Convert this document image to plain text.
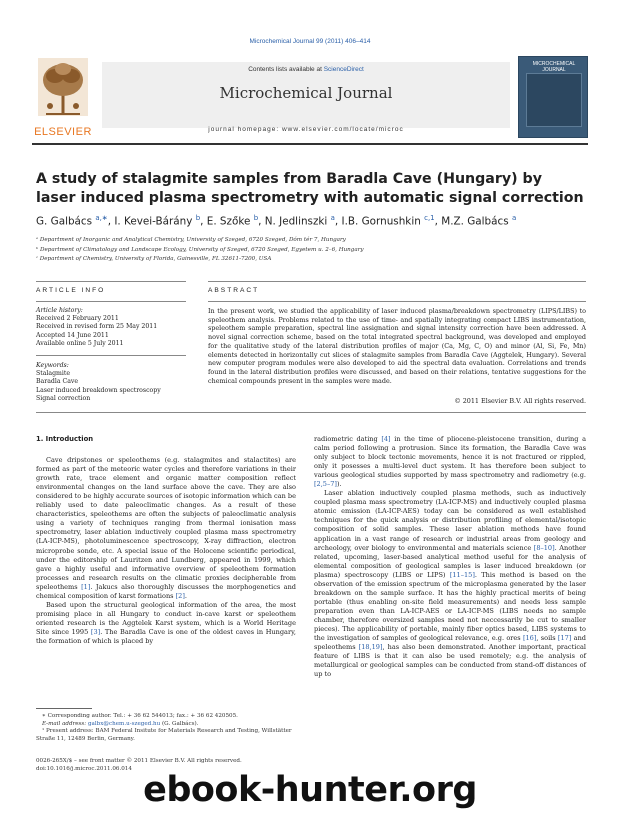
Microchemical Journal 99 (2011) 406–414
ELSEVIER
Contents lists available at ScienceDirect
Microchemical Journal
journal homepage: www.elsevier.com/locate/microc
MICROCHEMICAL JOURNAL
A study of stalagmite samples from Baradla Cave (Hungary) by laser induced plasma spectrometry with automatic signal correction
G. Galbács $^{a,∗}$, I. Kevei-Bárány $^b$, E. Szőke $^b$, N. Jedlinszki $^a$, I.B. Gornushkin $^{c,1}$, M.Z. Galbács $^a$
ᵃ Department of Inorganic and Analytical Chemistry, University of Szeged, 6720 Szeged, Dóm tér 7, Hungary
ᵇ Department of Climatology and Landscape Ecology, University of Szeged, 6720 Szeged, Egyetem u. 2–6, Hungary
ᶜ Department of Chemistry, University of Florida, Gainesville, FL 32611-7200, USA
ARTICLE INFO	ABSTRACT
Article history:
Received 2 February 2011
Received in revised form 25 May 2011
Accepted 14 June 2011
Available online 5 July 2011
Keywords:
Stalagmite
Baradla Cave
Laser induced breakdown spectroscopy
Signal correction

In the present work, we studied the applicability of laser induced plasma/breakdown spectrometry (LIPS/LIBS) to speleothem analysis. Problems related to the use of time- and spatially integrating compact LIBS instrumentation, speleothem sample preparation, spectral line assignation and signal intensity correction have been addressed. A novel signal correction scheme, based on the total integrated spectral background, was developed and employed for the qualitative study of the lateral distribution profiles of major (Ca, Mg, C, O) and minor (Al, Si, Fe, Mn) elements detected in horizontally cut slices of stalagmite samples from Baradla Cave (Aggtelek, Hungary). Several new computer program modules were also developed to aid the spectral data evaluation. Correlations and trends found in the lateral distribution profiles were discussed, and based on their relations, tentative suggestions for the chemical compounds present in the samples were made.

© 2011 Elsevier B.V. All rights reserved.

1. Introduction

Cave dripstones or speleothems (e.g. stalagmites and stalactites) are formed as part of the meteoric water cycles and therefore variations in their growth rate, trace element and organic matter composition reflect environmental changes on the land surface above the cave. They are also considered to be highly accurate sources of isotopic information which can be reliably used to date paleoclimatic changes. As a result of these characteristics, speleothems are often the subjects of paleoclimatic analysis using a variety of techniques ranging from thermal ionisation mass spectrometry, laser ablation inductively coupled plasma mass spectrometry (LA-ICP-MS), photoluminescence spectroscopy, X-ray diffraction, electron microprobe sonde, etc. A special issue of the Holocene scientific periodical, under the editorship of Lauritzen and Lundberg, appeared in 1999, which gave a highly useful and informative overview of speleothem formation processes and research results on the climatic proxies decipherable from speleothems [1]. Jakucs also thoroughly discusses the morphogenetics and chemical composition of karst formations [2].

Based upon the structural geological information of the area, the most promising place in all Hungary to conduct in-cave karst or speleothem oriented research is the Aggtelek Karst system, which is a World Heritage Site since 1995 [3]. The Baradla Cave is one of the oldest caves in Hungary, the formation of which is placed by

radiometric dating [4] in the time of pliocene-pleistocene transition, during a calm period following a protrusion. Since its formation, the Baradla Cave was only subject to block tectonic movements, hence it is not fractured or rippled, only it posesses a multi-level duct system. It has therefore been subject to various geological studies supported by mass spectrometry and radiometry (e.g. [2,5–7]).

Laser ablation inductively coupled plasma methods, such as inductively coupled plasma mass spectrometry (LA-ICP-MS) and inductively coupled plasma atomic emission (LA-ICP-AES) today can be considered as well established techniques for the quick analysis or distribution profiling of elemental/isotopic composition of solid samples. These laser ablation methods have found application in a vast range of research or industrial areas from geology and archeology, over biology to environmental and materials science [8–10]. Another related, upcoming, laser-based analytical method useful for the analysis of elemental composition of geological samples is laser induced breakdown (or plasma) spectroscopy (LIBS or LIPS) [11–15]. This method is based on the observation of the emission spectrum of the microplasma generated by the laser breakdown on the sample surface. It has the highly practical merits of being portable (thus enabling on-site field measurements) and needs less sample preparation even than LA-ICP-AES or LA-ICP-MS (LIBS needs no sample chamber, therefore oversized samples need not neccessarily be cut to smaller pieces). The applicability of portable, mainly fiber optics based, LIBS systems to the investigation of samples of geological relevance, e.g. ores [16], soils [17] and speleothems [18,19], has also been demonstrated. Another important, practical feature of LIBS is that it can also be used remotely; e.g. the analysis of metallurgical or geological samples can be conducted from stand-off distances of up to

∗ Corresponding author. Tel.: + 36 62 544013; fax.: + 36 62 420505.

E-mail address: galbx@chem.u-szeged.hu (G. Galbács).

¹ Present address: BAM Federal Insitute for Materials Research and Testing, Willstätter Straße 11, 12489 Berlin, Germany.

0026-265X/$ – see front matter © 2011 Elsevier B.V. All rights reserved.
doi:10.1016/j.microc.2011.06.014
ebook-hunter.org
